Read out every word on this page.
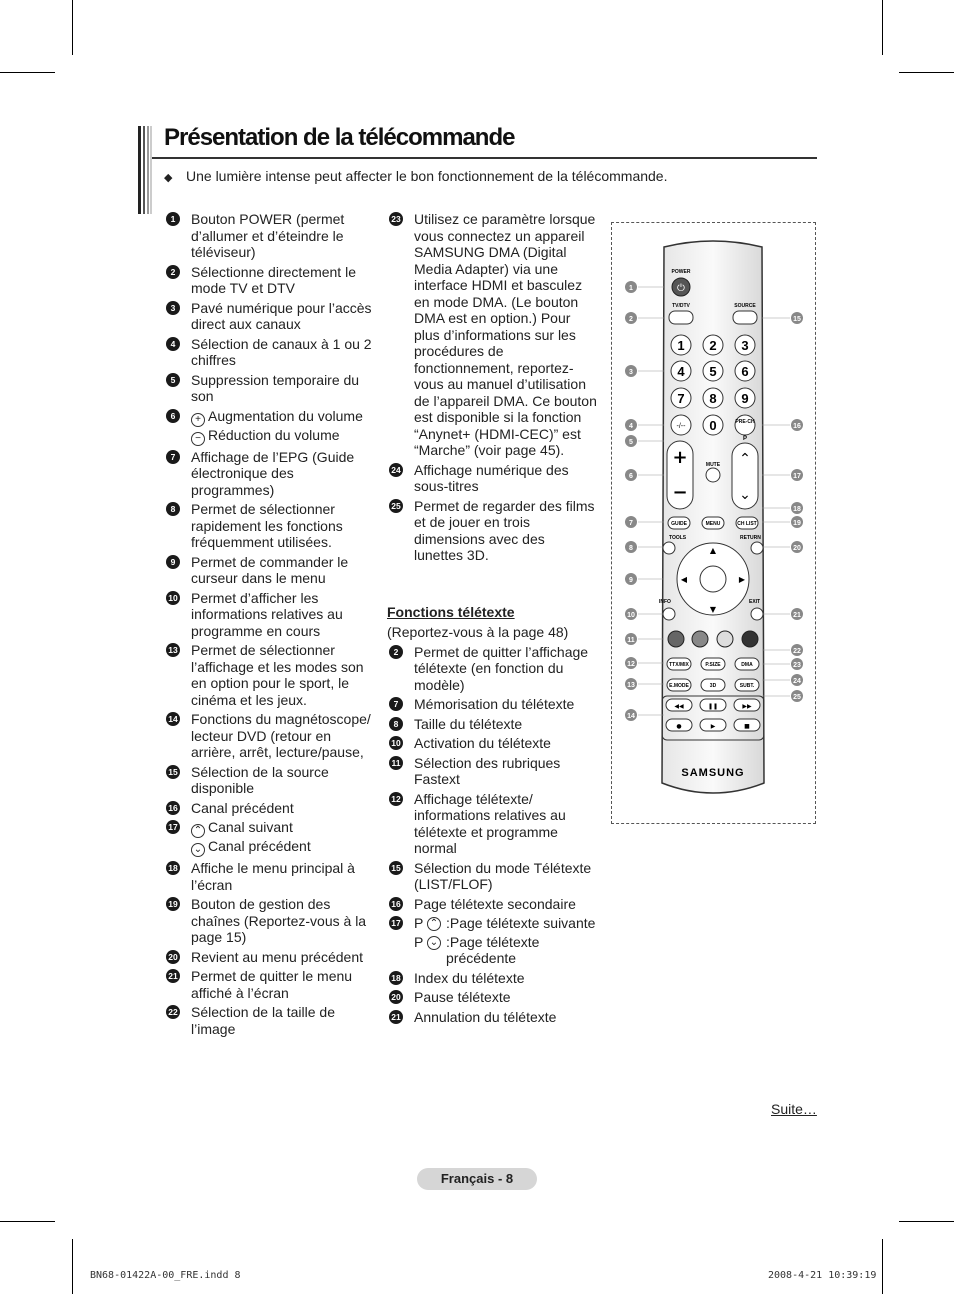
Présentation de la télécommande
◆ Une lumière intense peut affecter le bon fonctionnement de la télécommande.
1	Bouton POWER (permet d’allumer et d’éteindre le téléviseur)
2	Sélectionne directement le mode TV et DTV
3	Pavé numérique pour l’accès direct aux canaux
4	Sélection de canaux à 1 ou 2 chiffres
5	Suppression temporaire du son
6	+ Augmentation du volume
− Réduction du volume
7	Affichage de l’EPG (Guide électronique des programmes)
8	Permet de sélectionner rapidement les fonctions fréquemment utilisées.
9	Permet de commander le curseur dans le menu
10 Permet d’afficher les informations relatives au programme en cours
13 Permet de sélectionner l’affichage et les modes son en option pour le sport, le cinéma et les jeux.
14 Fonctions du magnétoscope/ lecteur DVD (retour en arrière, arrêt, lecture/pause,
15 Sélection de la source disponible
16 Canal précédent
17 ⌃ Canal suivant
⌄ Canal précédent
18 Affiche le menu principal à l’écran
19 Bouton de gestion des chaînes (Reportez-vous à la page 15)
20 Revient au menu précédent
21 Permet de quitter le menu affiché à l’écran
22 Sélection de la taille de l’image
23 Utilisez ce paramètre lorsque vous connectez un appareil SAMSUNG DMA (Digital Media Adapter) via une interface HDMI et basculez en mode DMA. (Le bouton DMA est en option.) Pour plus d’informations sur les procédures de fonctionnement, reportez-vous au manuel d’utilisation de l’appareil DMA. Ce bouton est disponible si la fonction “Anynet+ (HDMI-CEC)” est “Marche” (voir page 45).
24 Affichage numérique des sous-titres
25 Permet de regarder des films et de jouer en trois dimensions avec des lunettes 3D.
Fonctions télétexte
(Reportez-vous à la page 48)
2	Permet de quitter l’affichage télétexte (en fonction du modèle)
7	Mémorisation du télétexte
8	Taille du télétexte
10 Activation du télétexte
11 Sélection des rubriques Fastext
12 Affichage télétexte/ informations relatives au télétexte et programme normal
15 Sélection du mode Télétexte (LIST/FLOF)
16 Page télétexte secondaire
17 P ⌃ :Page télétexte suivante
P ⌄ :Page télétexte précédente
18 Index du télétexte
20 Pause télétexte
21 Annulation du télétexte
POWER
⏻
TV/DTV	SOURCE
1 2 3
4 5 6
7 8 9
-/-- 0
+
−
MUTE
PRE-CH
P
⌃
⌄
GUIDE	MENU	CH LIST
TOOLS	RETURN
INFO	EXIT
▲
▼
◀	▶
TTX/MIX	P.SIZE	DMA
E.MODE	3D	SUBT.
◀◀	❚❚	▶▶
●	▶	■
SAMSUNG
1
2
3
4
5
6
7
8
9
10
11
12
13
14
15
16
17
18
19
20
21
22
23
24
25
Suite…
Français - 8
BN68-01422A-00_FRE.indd 8	2008-4-21 10:39:19
